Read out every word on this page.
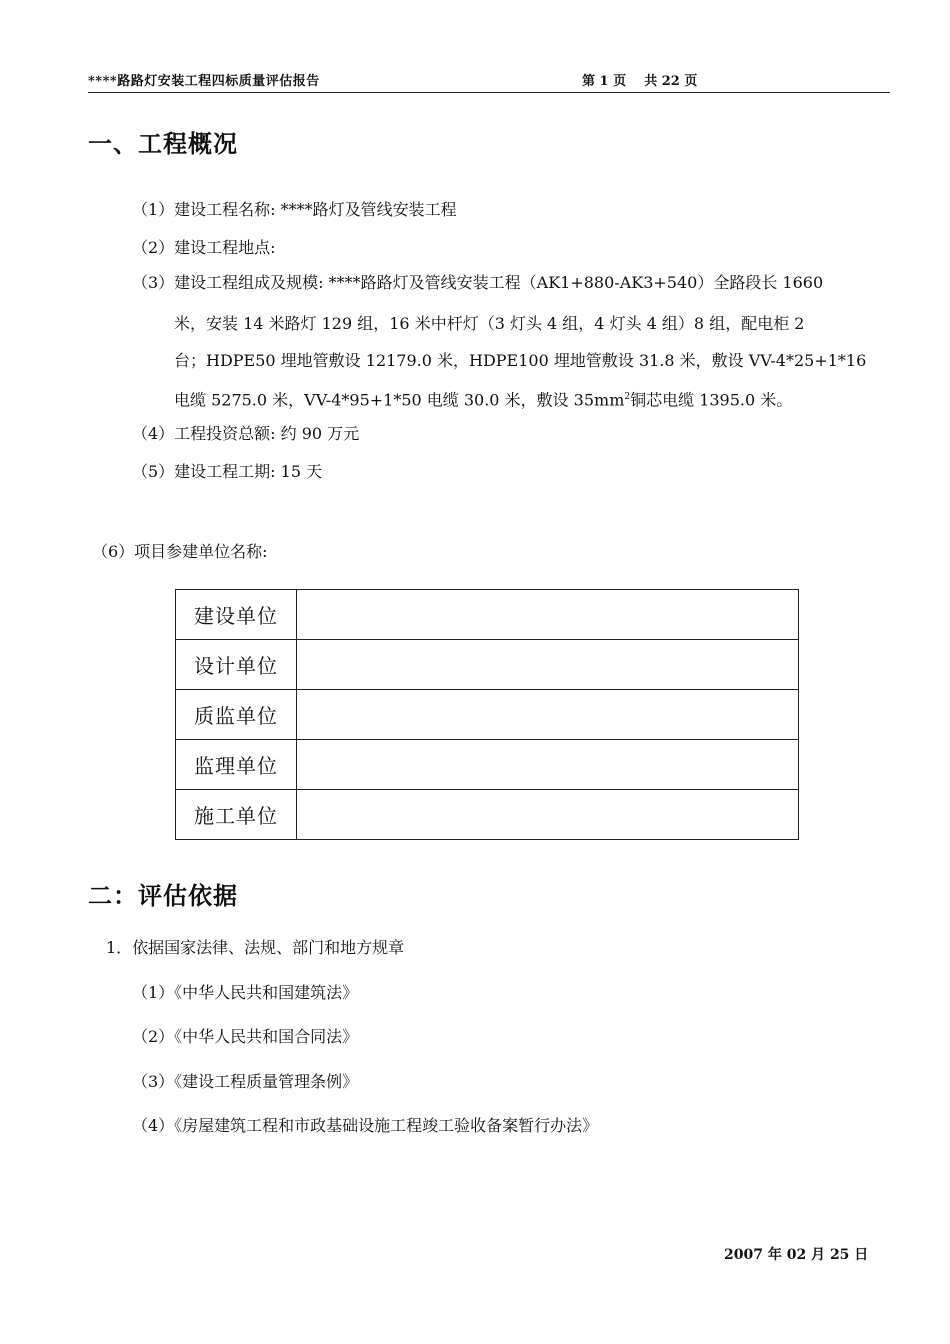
****路路灯安装工程四标质量评估报告	第 1 页    共 22 页
一、工程概况
（1）建设工程名称: ****路灯及管线安装工程
（2）建设工程地点:
（3）建设工程组成及规模: ****路路灯及管线安装工程（AK1+880-AK3+540）全路段长 1660
米，安装 14 米路灯 129 组，16 米中杆灯（3 灯头 4 组，4 灯头 4 组）8 组，配电柜 2
台；HDPE50 埋地管敷设 12179.0 米，HDPE100 埋地管敷设 31.8 米，敷设 VV-4*25+1*16
电缆 5275.0 米，VV-4*95+1*50 电缆 30.0 米，敷设 $35mm^2$铜芯电缆 1395.0 米。
（4）工程投资总额: 约 90 万元
（5）建设工程工期: 15 天
（6）项目参建单位名称:
建设单位	
设计单位	
质监单位	
监理单位	
施工单位	
二：评估依据
1．依据国家法律、法规、部门和地方规章
（1）《中华人民共和国建筑法》
（2）《中华人民共和国合同法》
（3）《建设工程质量管理条例》
（4）《房屋建筑工程和市政基础设施工程竣工验收备案暂行办法》
2007 年 02 月 25 日
